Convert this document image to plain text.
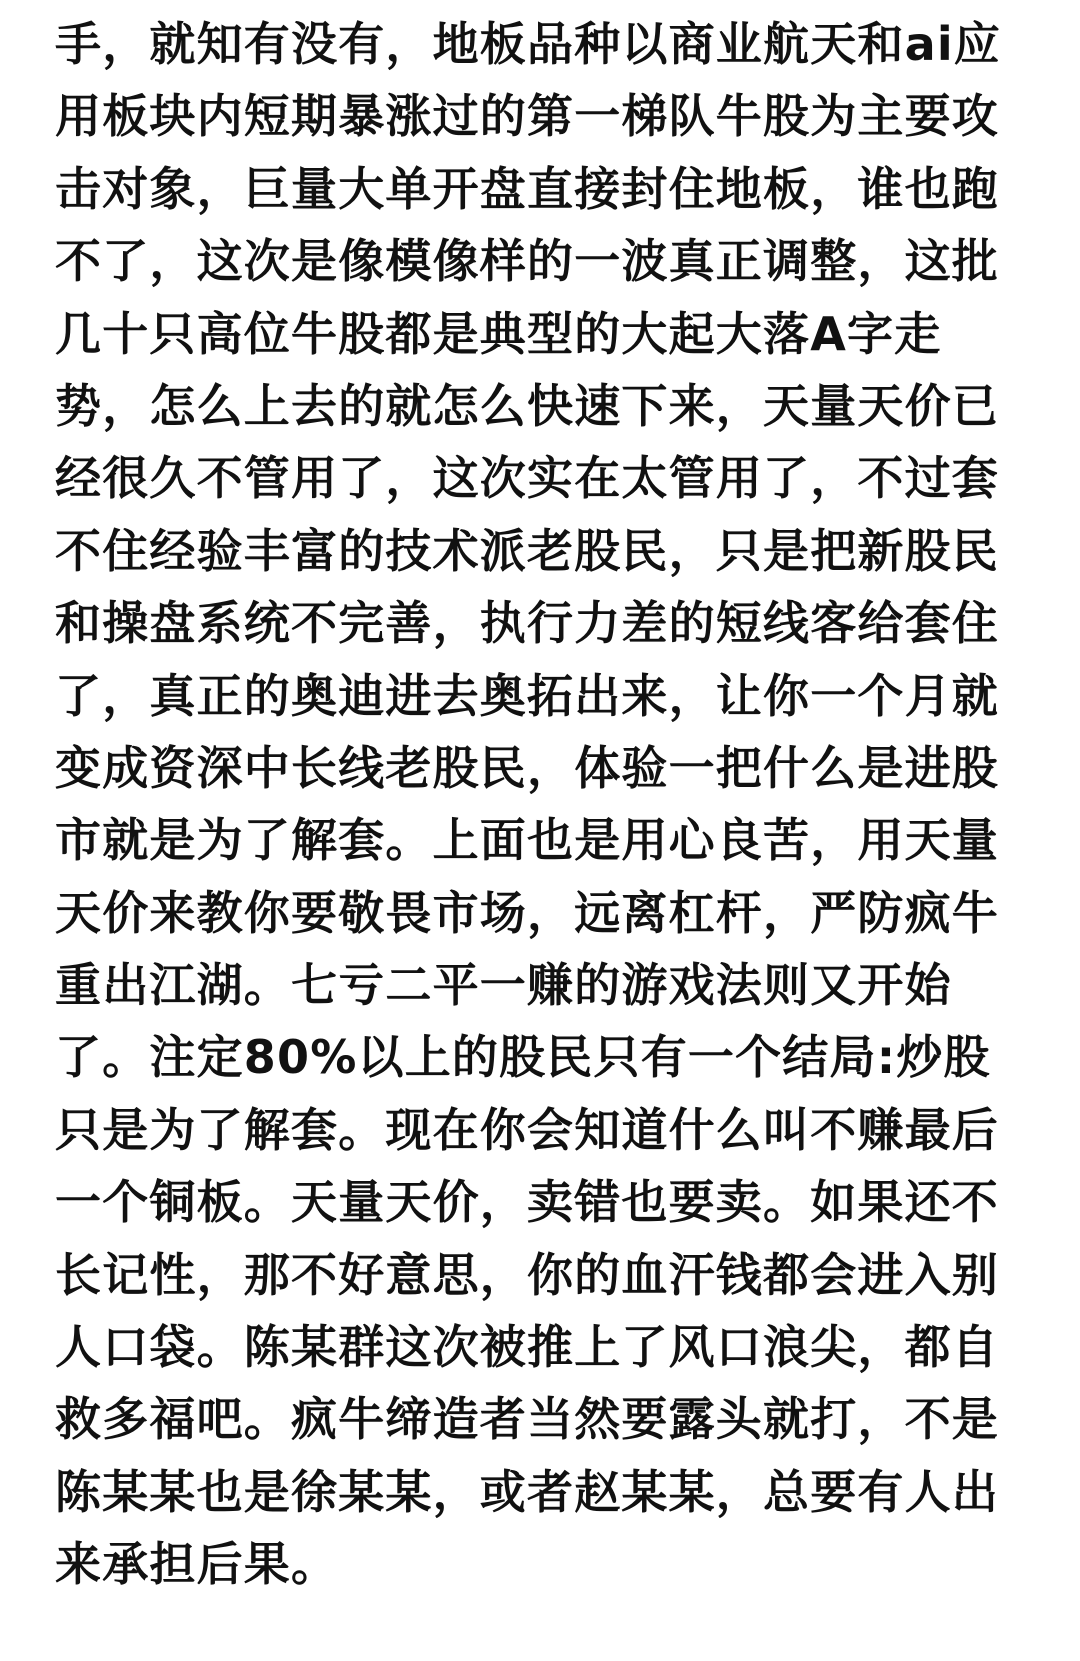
手，就知有没有，地板品种以商业航天和ai应

用板块内短期暴涨过的第一梯队牛股为主要攻

击对象，巨量大单开盘直接封住地板，谁也跑

不了，这次是像模像样的一波真正调整，这批

几十只高位牛股都是典型的大起大落A字走

势，怎么上去的就怎么快速下来，天量天价已

经很久不管用了，这次实在太管用了，不过套

不住经验丰富的技术派老股民，只是把新股民

和操盘系统不完善，执行力差的短线客给套住

了，真正的奥迪进去奥拓出来，让你一个月就

变成资深中长线老股民，体验一把什么是进股

市就是为了解套。上面也是用心良苦，用天量

天价来教你要敬畏市场，远离杠杆，严防疯牛

重出江湖。七亏二平一赚的游戏法则又开始

了。注定80%以上的股民只有一个结局:炒股

只是为了解套。现在你会知道什么叫不赚最后

一个铜板。天量天价，卖错也要卖。如果还不

长记性，那不好意思，你的血汗钱都会进入别

人口袋。陈某群这次被推上了风口浪尖，都自

救多福吧。疯牛缔造者当然要露头就打，不是

陈某某也是徐某某，或者赵某某，总要有人出

来承担后果。
